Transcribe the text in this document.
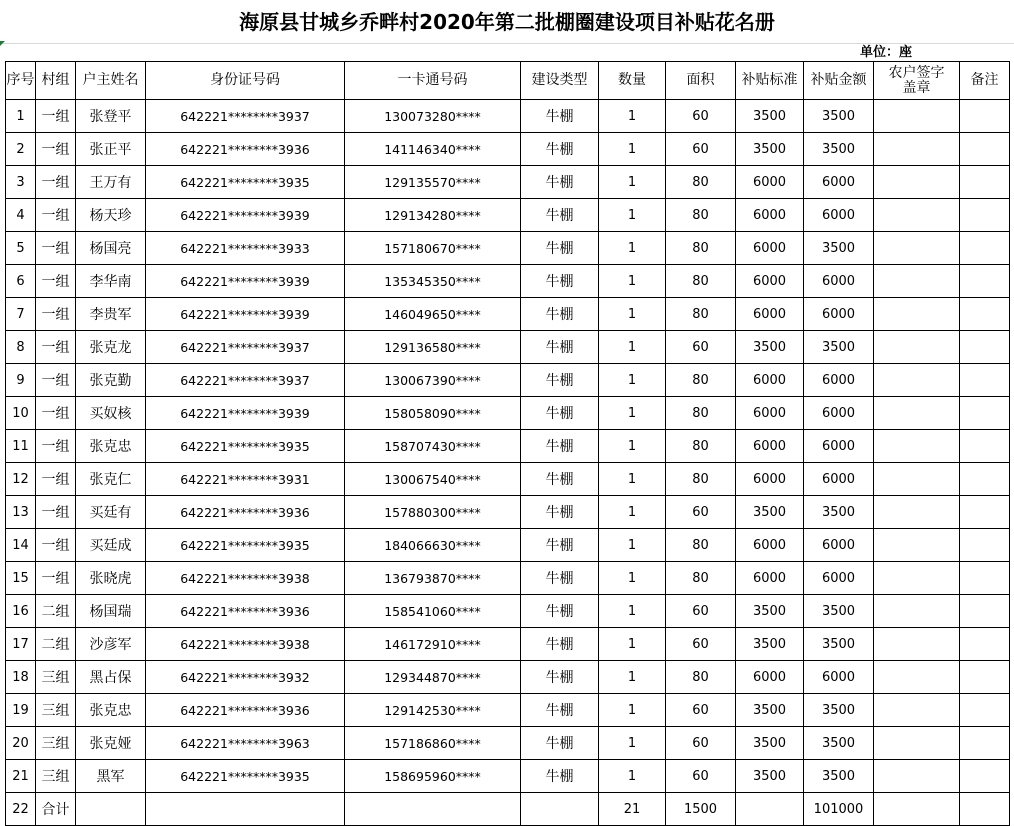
海原县甘城乡乔畔村2020年第二批棚圈建设项目补贴花名册
单位：座
序号	村组	户主姓名	身份证号码	一卡通号码	建设类型	数量	面积	补贴标准	补贴金额	农户签字盖章	备注
1	一组	张登平	642221********3937	130073280****	牛棚	1	60	3500	3500		
2	一组	张正平	642221********3936	141146340****	牛棚	1	60	3500	3500		
3	一组	王万有	642221********3935	129135570****	牛棚	1	80	6000	6000		
4	一组	杨天珍	642221********3939	129134280****	牛棚	1	80	6000	6000		
5	一组	杨国亮	642221********3933	157180670****	牛棚	1	80	6000	3500		
6	一组	李华南	642221********3939	135345350****	牛棚	1	80	6000	6000		
7	一组	李贵军	642221********3939	146049650****	牛棚	1	80	6000	6000		
8	一组	张克龙	642221********3937	129136580****	牛棚	1	60	3500	3500		
9	一组	张克勤	642221********3937	130067390****	牛棚	1	80	6000	6000		
10	一组	买奴核	642221********3939	158058090****	牛棚	1	80	6000	6000		
11	一组	张克忠	642221********3935	158707430****	牛棚	1	80	6000	6000		
12	一组	张克仁	642221********3931	130067540****	牛棚	1	80	6000	6000		
13	一组	买廷有	642221********3936	157880300****	牛棚	1	60	3500	3500		
14	一组	买廷成	642221********3935	184066630****	牛棚	1	80	6000	6000		
15	一组	张晓虎	642221********3938	136793870****	牛棚	1	80	6000	6000		
16	二组	杨国瑞	642221********3936	158541060****	牛棚	1	60	3500	3500		
17	二组	沙彦军	642221********3938	146172910****	牛棚	1	60	3500	3500		
18	三组	黑占保	642221********3932	129344870****	牛棚	1	80	6000	6000		
19	三组	张克忠	642221********3936	129142530****	牛棚	1	60	3500	3500		
20	三组	张克娅	642221********3963	157186860****	牛棚	1	60	3500	3500		
21	三组	黑军	642221********3935	158695960****	牛棚	1	60	3500	3500		
22	合计					21	1500		101000		
